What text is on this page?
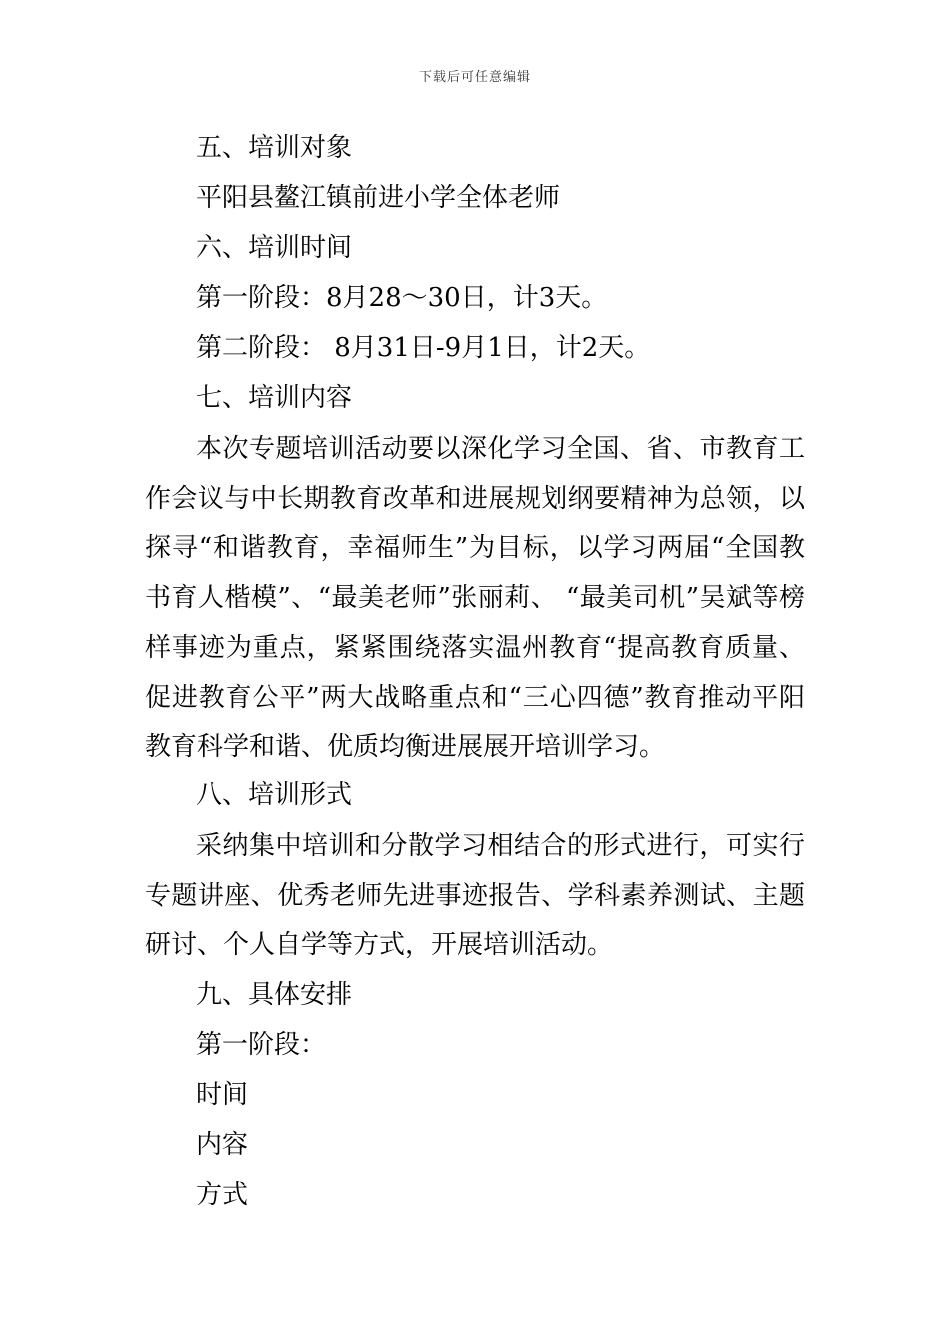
下载后可任意编辑
五、培训对象
平阳县鳌江镇前进小学全体老师
六、培训时间
第一阶段：8月28～30日，计3天。
第二阶段： 8月31日-9月1日，计2天。
七、培训内容
本次专题培训活动要以深化学习全国、省、市教育工作会议与中长期教育改革和进展规划纲要精神为总领，以探寻“和谐教育，幸福师生”为目标，以学习两届“全国教书育人楷模”、“最美老师”张丽莉、 “最美司机”吴斌等榜样事迹为重点，紧紧围绕落实温州教育“提高教育质量、促进教育公平”两大战略重点和“三心四德”教育推动平阳教育科学和谐、优质均衡进展展开培训学习。
八、培训形式
采纳集中培训和分散学习相结合的形式进行，可实行专题讲座、优秀老师先进事迹报告、学科素养测试、主题研讨、个人自学等方式，开展培训活动。
九、具体安排
第一阶段：
时间
内容
方式
